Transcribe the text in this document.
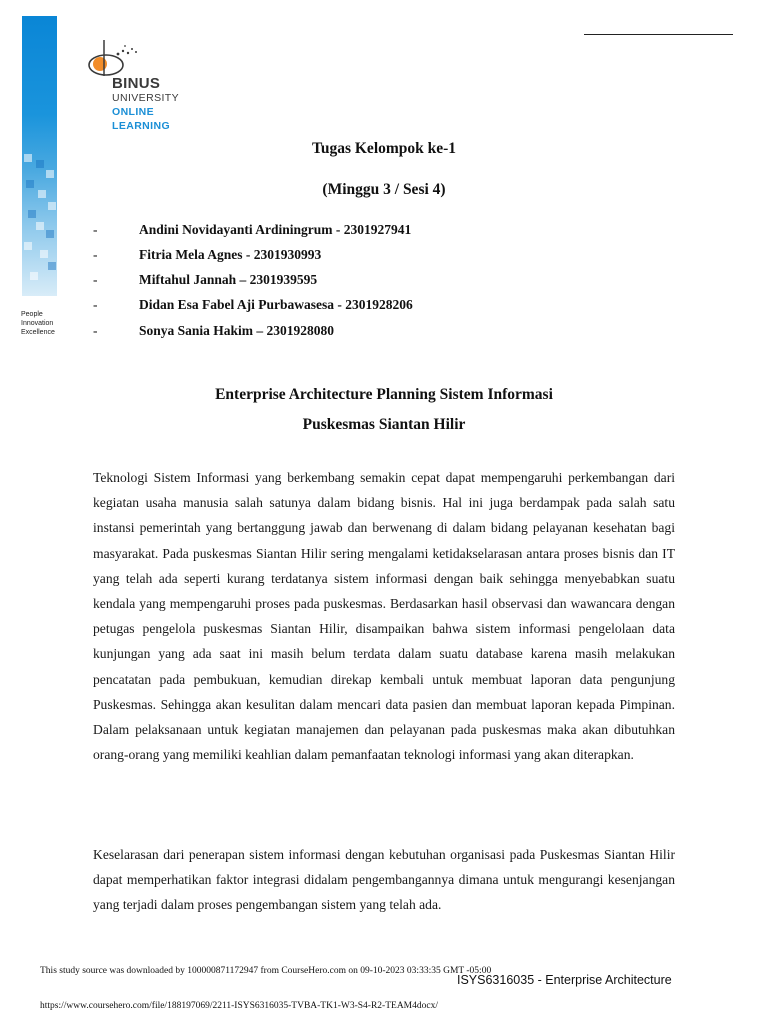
People
Innovation
Excellence
BINUS
UNIVERSITY
ONLINE
LEARNING
Tugas Kelompok ke-1
(Minggu 3 / Sesi 4)
-	Andini Novidayanti Ardiningrum - 2301927941
-	Fitria Mela Agnes - 2301930993
-	Miftahul Jannah – 2301939595
-	Didan Esa Fabel Aji Purbawasesa - 2301928206
-	Sonya Sania Hakim – 2301928080
Enterprise Architecture Planning Sistem Informasi
Puskesmas Siantan Hilir
Teknologi Sistem Informasi yang berkembang semakin cepat dapat mempengaruhi perkembangan dari kegiatan usaha manusia salah satunya dalam bidang bisnis. Hal ini juga berdampak pada salah satu instansi pemerintah yang bertanggung jawab dan berwenang di dalam bidang pelayanan kesehatan bagi masyarakat. Pada puskesmas Siantan Hilir sering mengalami ketidakselarasan antara proses bisnis dan IT yang telah ada seperti kurang terdatanya sistem informasi dengan baik sehingga menyebabkan suatu kendala yang mempengaruhi proses pada puskesmas. Berdasarkan hasil observasi dan wawancara dengan petugas pengelola puskesmas Siantan Hilir, disampaikan bahwa sistem informasi pengelolaan data kunjungan yang ada saat ini masih belum terdata dalam suatu database karena masih melakukan pencatatan pada pembukuan, kemudian direkap kembali untuk membuat laporan data pengunjung Puskesmas. Sehingga akan kesulitan dalam mencari data pasien dan membuat laporan kepada Pimpinan. Dalam pelaksanaan untuk kegiatan manajemen dan pelayanan pada puskesmas maka akan dibutuhkan orang-orang yang memiliki keahlian dalam pemanfaatan teknologi informasi yang akan diterapkan.
Keselarasan dari penerapan sistem informasi dengan kebutuhan organisasi pada Puskesmas Siantan Hilir dapat memperhatikan faktor integrasi didalam pengembangannya dimana untuk mengurangi kesenjangan yang terjadi dalam proses pengembangan sistem yang telah ada.
This study source was downloaded by 100000871172947 from CourseHero.com on 09-10-2023 03:33:35 GMT -05:00
ISYS6316035 - Enterprise Architecture
https://www.coursehero.com/file/188197069/2211-ISYS6316035-TVBA-TK1-W3-S4-R2-TEAM4docx/
